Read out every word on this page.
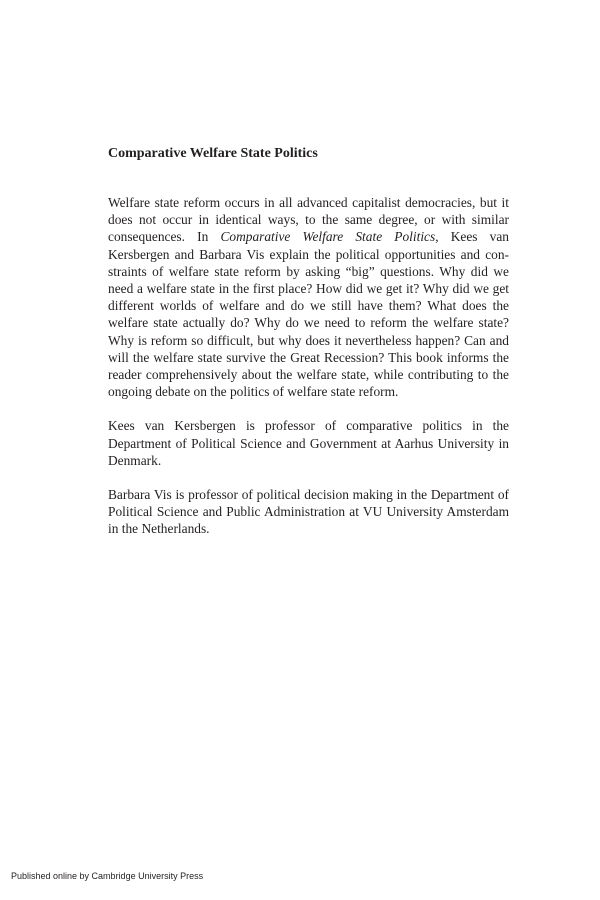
Comparative Welfare State Politics

Welfare state reform occurs in all advanced capitalist democracies, but it does not occur in identical ways, to the same degree, or with similar consequences. In Comparative Welfare State Politics, Kees van Kersbergen and Barbara Vis explain the political opportunities and constraints of welfare state reform by asking “big” questions. Why did we need a welfare state in the first place? How did we get it? Why did we get different worlds of welfare and do we still have them? What does the welfare state actually do? Why do we need to reform the welfare state? Why is reform so difficult, but why does it nevertheless happen? Can and will the welfare state survive the Great Recession? This book informs the reader comprehensively about the welfare state, while contributing to the ongoing debate on the politics of welfare state reform.

Kees van Kersbergen is professor of comparative politics in the Department of Political Science and Government at Aarhus University in Denmark.

Barbara Vis is professor of political decision making in the Department of Political Science and Public Administration at VU University Amsterdam in the Netherlands.

Published online by Cambridge University Press
